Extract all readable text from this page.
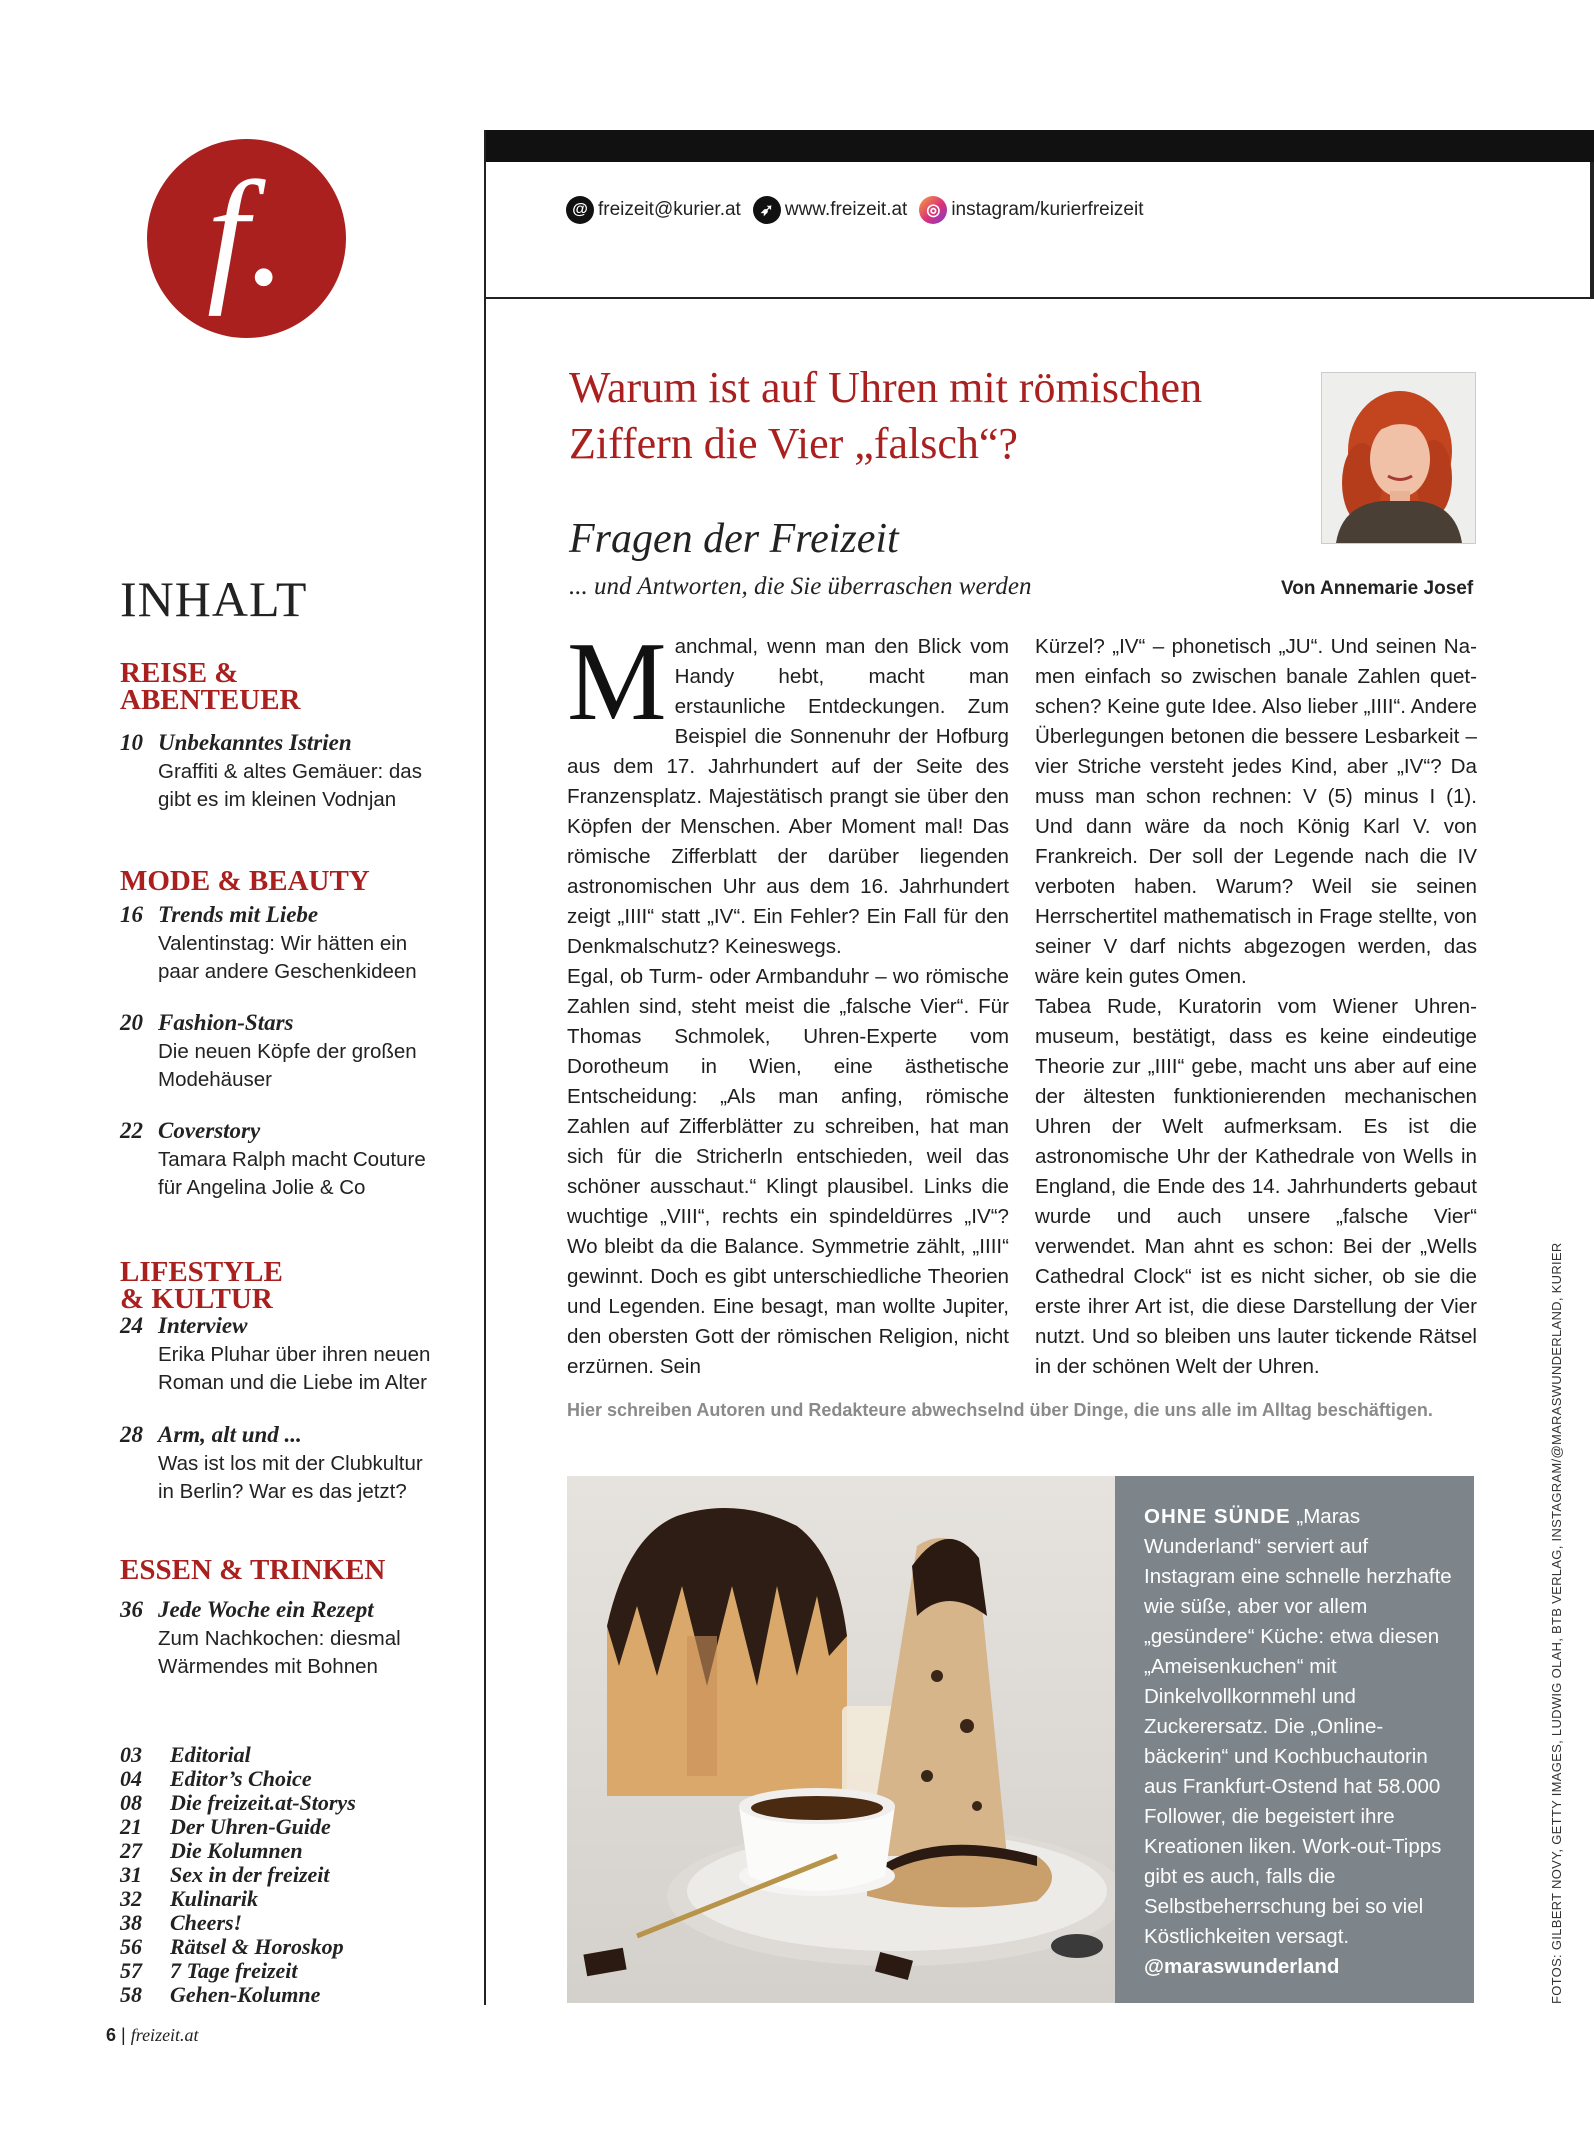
f.
INHALT
REISE &
ABENTEUER
10 Unbekanntes Istrien
Graffiti & altes Gemäuer: das
gibt es im kleinen Vodnjan
MODE & BEAUTY
16 Trends mit Liebe
Valentinstag: Wir hätten ein
paar andere Geschenkideen
20 Fashion-Stars
Die neuen Köpfe der großen
Modehäuser
22 Coverstory
Tamara Ralph macht Couture
für Angelina Jolie & Co
LIFESTYLE
& KULTUR
24 Interview
Erika Pluhar über ihren neuen
Roman und die Liebe im Alter
28 Arm, alt und ...
Was ist los mit der Clubkultur
in Berlin? War es das jetzt?
ESSEN & TRINKEN
36 Jede Woche ein Rezept
Zum Nachkochen: diesmal
Wärmendes mit Bohnen
03 Editorial
04 Editor’s Choice
08 Die freizeit.at-Storys
21 Der Uhren-Guide
27 Die Kolumnen
31 Sex in der freizeit
32 Kulinarik
38 Cheers!
56 Rätsel & Horoskop
57 7 Tage freizeit
58 Gehen-Kolumne
6 | freizeit.at
@ freizeit@kurier.at	➶ www.freizeit.at	◎ instagram/kurierfreizeit
Warum ist auf Uhren mit römischen
Ziffern die Vier „falsch“?
Fragen der Freizeit
... und Antworten, die Sie überraschen werden	Von Annemarie Josef

Manchmal, wenn man den Blick vom Handy hebt, macht man erstaunliche Entdeckungen. Zum Beispiel die Sonnenuhr der Hofburg aus dem 17. Jahrhundert auf der Seite des Franzensplatz. Majestätisch prangt sie über den Köpfen der Menschen. Aber Moment mal! Das römische Zifferblatt der darüber liegenden astronomischen Uhr aus dem 16. Jahrhundert zeigt „IIII“ statt „IV“. Ein Fehler? Ein Fall für den Denkmalschutz? Keineswegs.

Egal, ob Turm- oder Armbanduhr – wo römische Zahlen sind, steht meist die „falsche Vier“. Für Thomas Schmolek, Uhren-Experte vom Dorotheum in Wien, eine ästhetische Entscheidung: „Als man anfing, römische Zahlen auf Zifferblätter zu schreiben, hat man sich für die Stricherln entschieden, weil das schöner ausschaut.“ Klingt plausibel. Links die wuchtige „VIII“, rechts ein spindeldürres „IV“? Wo bleibt da die Balance. Symmetrie zählt, „IIII“ gewinnt. Doch es gibt unterschiedliche Theorien und Legenden. Eine besagt, man wollte Jupiter, den obersten Gott der römischen Religion, nicht erzürnen. Sein

Kürzel? „IV“ – phonetisch „JU“. Und seinen Namen einfach so zwischen banale Zahlen quetschen? Keine gute Idee. Also lieber „IIII“. Andere Überlegungen betonen die bessere Lesbarkeit – vier Striche versteht jedes Kind, aber „IV“? Da muss man schon rechnen: V (5) minus I (1). Und dann wäre da noch König Karl V. von Frankreich. Der soll der Legende nach die IV verboten haben. Warum? Weil sie seinen Herrschertitel mathematisch in Frage stellte, von seiner V darf nichts abgezogen werden, das wäre kein gutes Omen.

Tabea Rude, Kuratorin vom Wiener Uhrenmuseum, bestätigt, dass es keine eindeutige Theorie zur „IIII“ gebe, macht uns aber auf eine der ältesten funktionierenden mechanischen Uhren der Welt aufmerksam. Es ist die astronomische Uhr der Kathedrale von Wells in England, die Ende des 14. Jahrhunderts gebaut wurde und auch unsere „falsche Vier“ verwendet. Man ahnt es schon: Bei der „Wells Cathedral Clock“ ist es nicht sicher, ob sie die erste ihrer Art ist, die diese Darstellung der Vier nutzt. Und so bleiben uns lauter tickende Rätsel in der schönen Welt der Uhren.

Hier schreiben Autoren und Redakteure abwechselnd über Dinge, die uns alle im Alltag beschäftigen.
OHNE SÜNDE „Maras Wunderland“ serviert auf Instagram eine schnelle herzhafte wie süße, aber vor allem „gesündere“ Küche: etwa diesen „Ameisenkuchen“ mit Dinkelvollkornmehl und Zuckerersatz. Die „Onlinebäckerin“ und Kochbuchautorin aus Frankfurt-Ostend hat 58.000 Follower, die begeistert ihre Kreationen liken. Work-out-Tipps gibt es auch, falls die Selbstbeherrschung bei so viel Köstlichkeiten versagt.
@maraswunderland	FOTOS: GILBERT NOVY, GETTY IMAGES, LUDWIG OLAH, BTB VERLAG, INSTAGRAM/@MARASWUNDERLAND, KURIER
